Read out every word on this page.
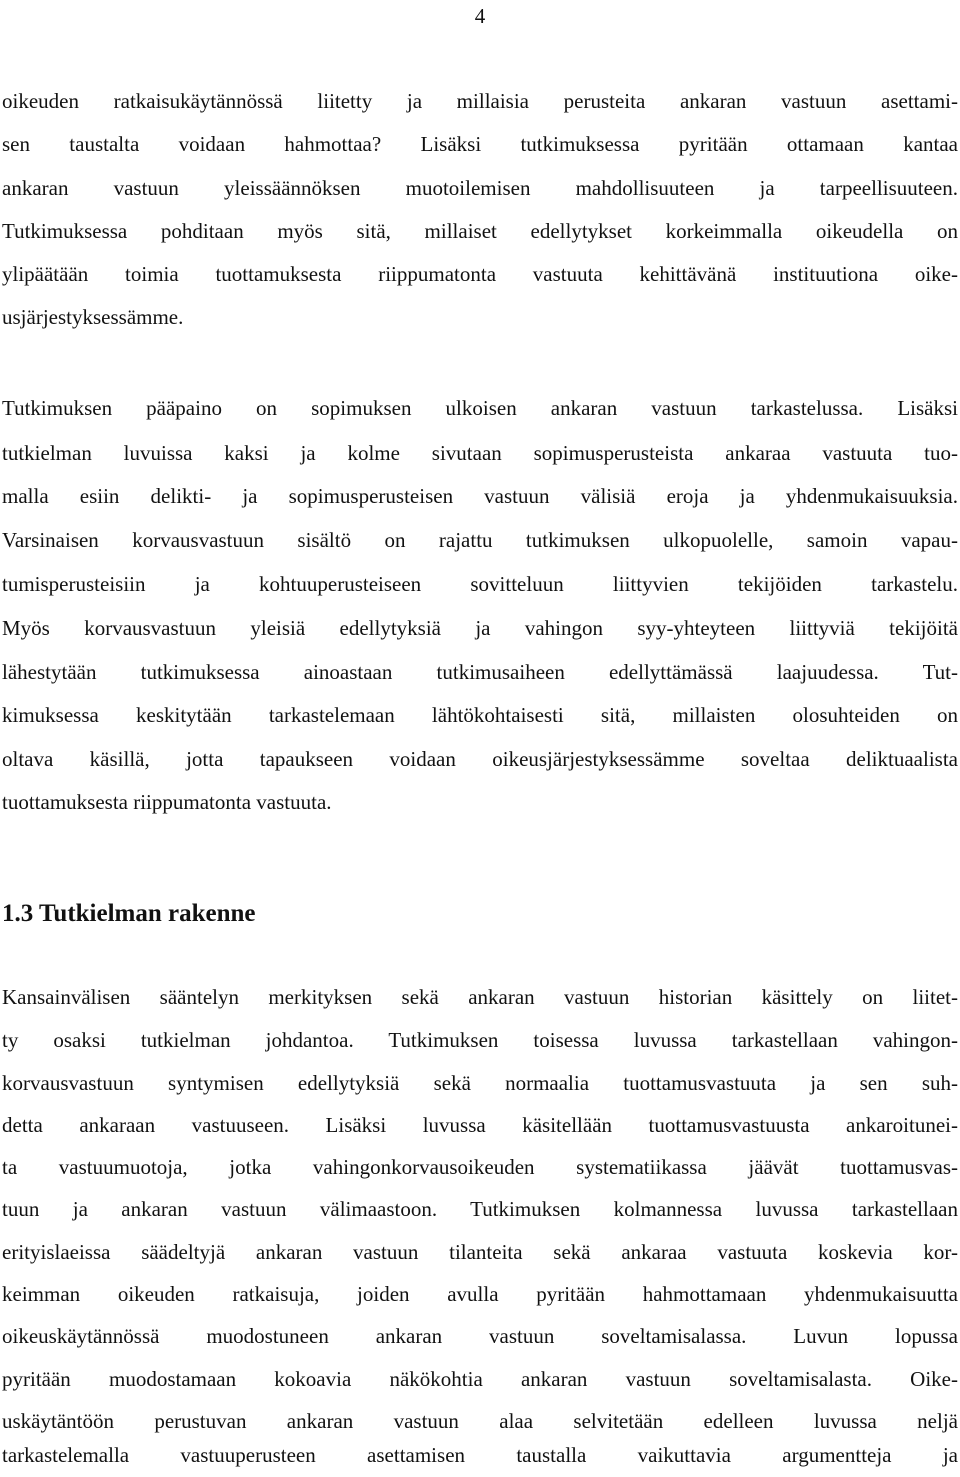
4
oikeuden ratkaisukäytännössä liitetty ja millaisia perusteita ankaran vastuun asettami-
sen taustalta voidaan hahmottaa? Lisäksi tutkimuksessa pyritään ottamaan kantaa
ankaran vastuun yleissäännöksen muotoilemisen mahdollisuuteen ja tarpeellisuuteen.
Tutkimuksessa pohditaan myös sitä, millaiset edellytykset korkeimmalla oikeudella on
ylipäätään toimia tuottamuksesta riippumatonta vastuuta kehittävänä instituutiona oike-
usjärjestyksessämme.
Tutkimuksen pääpaino on sopimuksen ulkoisen ankaran vastuun tarkastelussa. Lisäksi
tutkielman luvuissa kaksi ja kolme sivutaan sopimusperusteista ankaraa vastuuta tuo-
malla esiin delikti- ja sopimusperusteisen vastuun välisiä eroja ja yhdenmukaisuuksia.
Varsinaisen korvausvastuun sisältö on rajattu tutkimuksen ulkopuolelle, samoin vapau-
tumisperusteisiin ja kohtuuperusteiseen sovitteluun liittyvien tekijöiden tarkastelu.
Myös korvausvastuun yleisiä edellytyksiä ja vahingon syy-yhteyteen liittyviä tekijöitä
lähestytään tutkimuksessa ainoastaan tutkimusaiheen edellyttämässä laajuudessa. Tut-
kimuksessa keskitytään tarkastelemaan lähtökohtaisesti sitä, millaisten olosuhteiden on
oltava käsillä, jotta tapaukseen voidaan oikeusjärjestyksessämme soveltaa deliktuaalista
tuottamuksesta riippumatonta vastuuta.
1.3 Tutkielman rakenne
Kansainvälisen sääntelyn merkityksen sekä ankaran vastuun historian käsittely on liitet-
ty osaksi tutkielman johdantoa. Tutkimuksen toisessa luvussa tarkastellaan vahingon-
korvausvastuun syntymisen edellytyksiä sekä normaalia tuottamusvastuuta ja sen suh-
detta ankaraan vastuuseen. Lisäksi luvussa käsitellään tuottamusvastuusta ankaroitunei-
ta vastuumuotoja, jotka vahingonkorvausoikeuden systematiikassa jäävät tuottamusvas-
tuun ja ankaran vastuun välimaastoon. Tutkimuksen kolmannessa luvussa tarkastellaan
erityislaeissa säädeltyjä ankaran vastuun tilanteita sekä ankaraa vastuuta koskevia kor-
keimman oikeuden ratkaisuja, joiden avulla pyritään hahmottamaan yhdenmukaisuutta
oikeuskäytännössä muodostuneen ankaran vastuun soveltamisalassa. Luvun lopussa
pyritään muodostamaan kokoavia näkökohtia ankaran vastuun soveltamisalasta. Oike-
uskäytäntöön perustuvan ankaran vastuun alaa selvitetään edelleen luvussa neljä
tarkastelemalla vastuuperusteen asettamisen taustalla vaikuttavia argumentteja ja
